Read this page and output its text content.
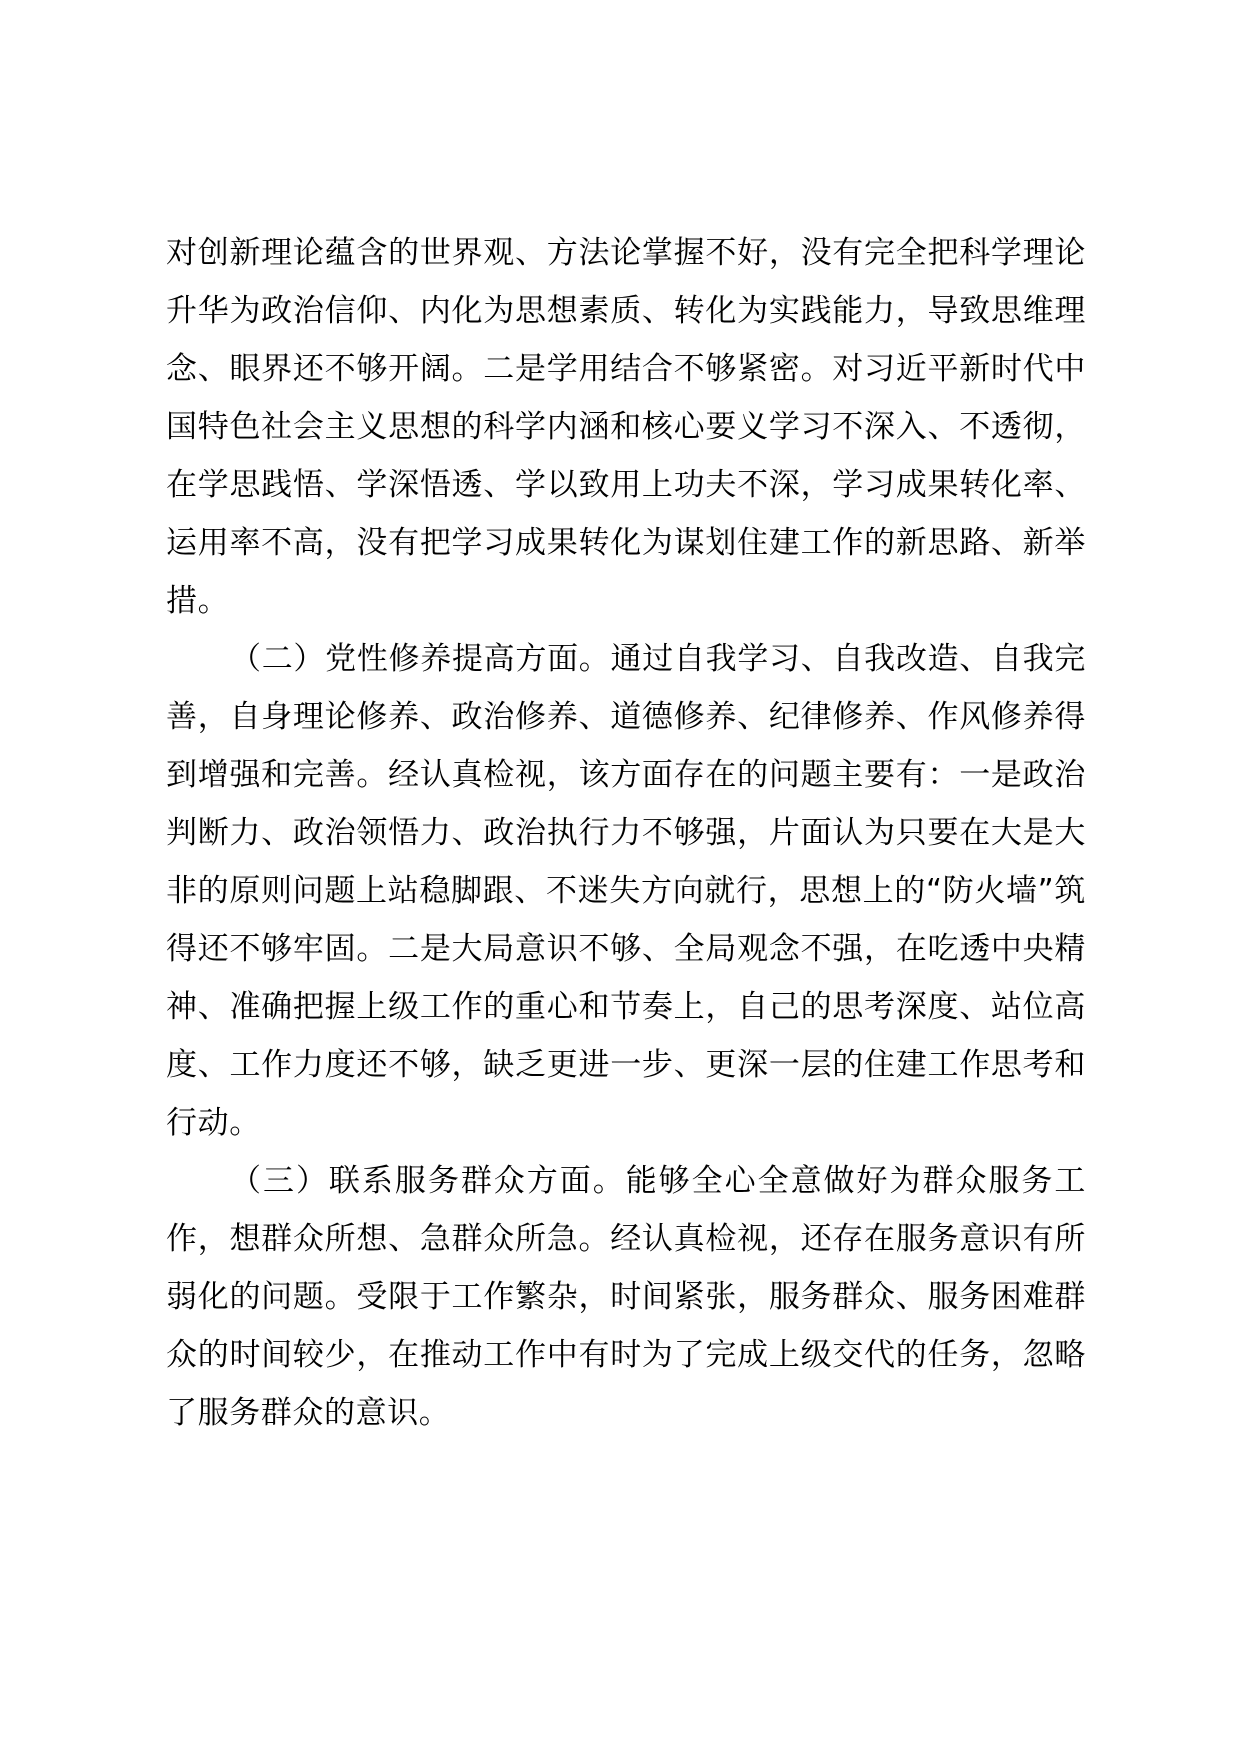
对创新理论蕴含的世界观、方法论掌握不好，没有完全把科学理论升华为政治信仰、内化为思想素质、转化为实践能力，导致思维理念、眼界还不够开阔。二是学用结合不够紧密。对习近平新时代中国特色社会主义思想的科学内涵和核心要义学习不深入、不透彻，在学思践悟、学深悟透、学以致用上功夫不深，学习成果转化率、运用率不高，没有把学习成果转化为谋划住建工作的新思路、新举措。

（二）党性修养提高方面。通过自我学习、自我改造、自我完善，自身理论修养、政治修养、道德修养、纪律修养、作风修养得到增强和完善。经认真检视，该方面存在的问题主要有：一是政治判断力、政治领悟力、政治执行力不够强，片面认为只要在大是大非的原则问题上站稳脚跟、不迷失方向就行，思想上的“防火墙”筑得还不够牢固。二是大局意识不够、全局观念不强，在吃透中央精神、准确把握上级工作的重心和节奏上，自己的思考深度、站位高度、工作力度还不够，缺乏更进一步、更深一层的住建工作思考和行动。

（三）联系服务群众方面。能够全心全意做好为群众服务工作，想群众所想、急群众所急。经认真检视，还存在服务意识有所弱化的问题。受限于工作繁杂，时间紧张，服务群众、服务困难群众的时间较少，在推动工作中有时为了完成上级交代的任务，忽略了服务群众的意识。
